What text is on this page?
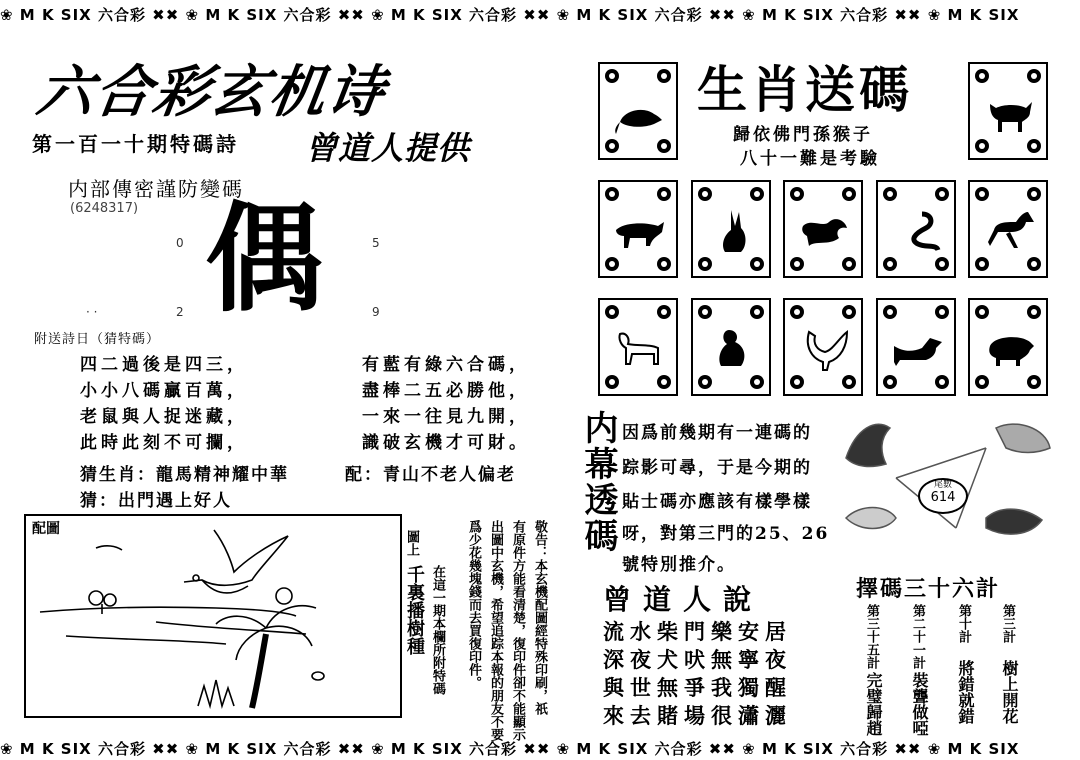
❀ M K SIX 六合彩 ✖✖ ❀ M K SIX 六合彩 ✖✖ ❀ M K SIX 六合彩 ✖✖ ❀ M K SIX 六合彩 ✖✖ ❀ M K SIX 六合彩 ✖✖ ❀ M K SIX
❀ M K SIX 六合彩 ✖✖ ❀ M K SIX 六合彩 ✖✖ ❀ M K SIX 六合彩 ✖✖ ❀ M K SIX 六合彩 ✖✖ ❀ M K SIX 六合彩 ✖✖ ❀ M K SIX
六合彩玄机诗
第一百一十期特碼詩 曾道人提供
内部傳密謹防變碼
(6248317) 偶
0	5
2	9
· ·
附送詩日（猜特碼）
四二過後是四三，
小小八碼贏百萬，
老鼠與人捉迷藏，
此時此刻不可攔，
有藍有綠六合碼，
盡棒二五必勝他，
一來一往見九開，
識破玄機才可財。
猜生肖：龍馬精神耀中華	配：青山不老人偏老
猜：出門遇上好人
配圖
圖上
千裏播樹種 在這一期本欄所附特碼 爲少花幾塊錢而去買復印件。 出圖中玄機，希望追踪本報的朋友不要 有原件方能看清楚，復印件卻不能顯示 敬告：本玄機配圖經特殊印刷，祇
生肖送碼
歸依佛門孫猴子
八十一難是考驗
内幕透碼 因爲前幾期有一連碼的
踪影可尋，于是今期的
貼士碼亦應該有樣學樣
呀，對第三門的25、26
號特別推介。
尾數
614
曾道人說
流水柴門樂安居
深夜犬吠無寧夜
與世無爭我獨醒
來去賭場很瀟灑
擇碼三十六計
第三計
樹上開花
第十計
將錯就錯
第二十一計
裝聾做啞
第三十五計
完璧歸趙
